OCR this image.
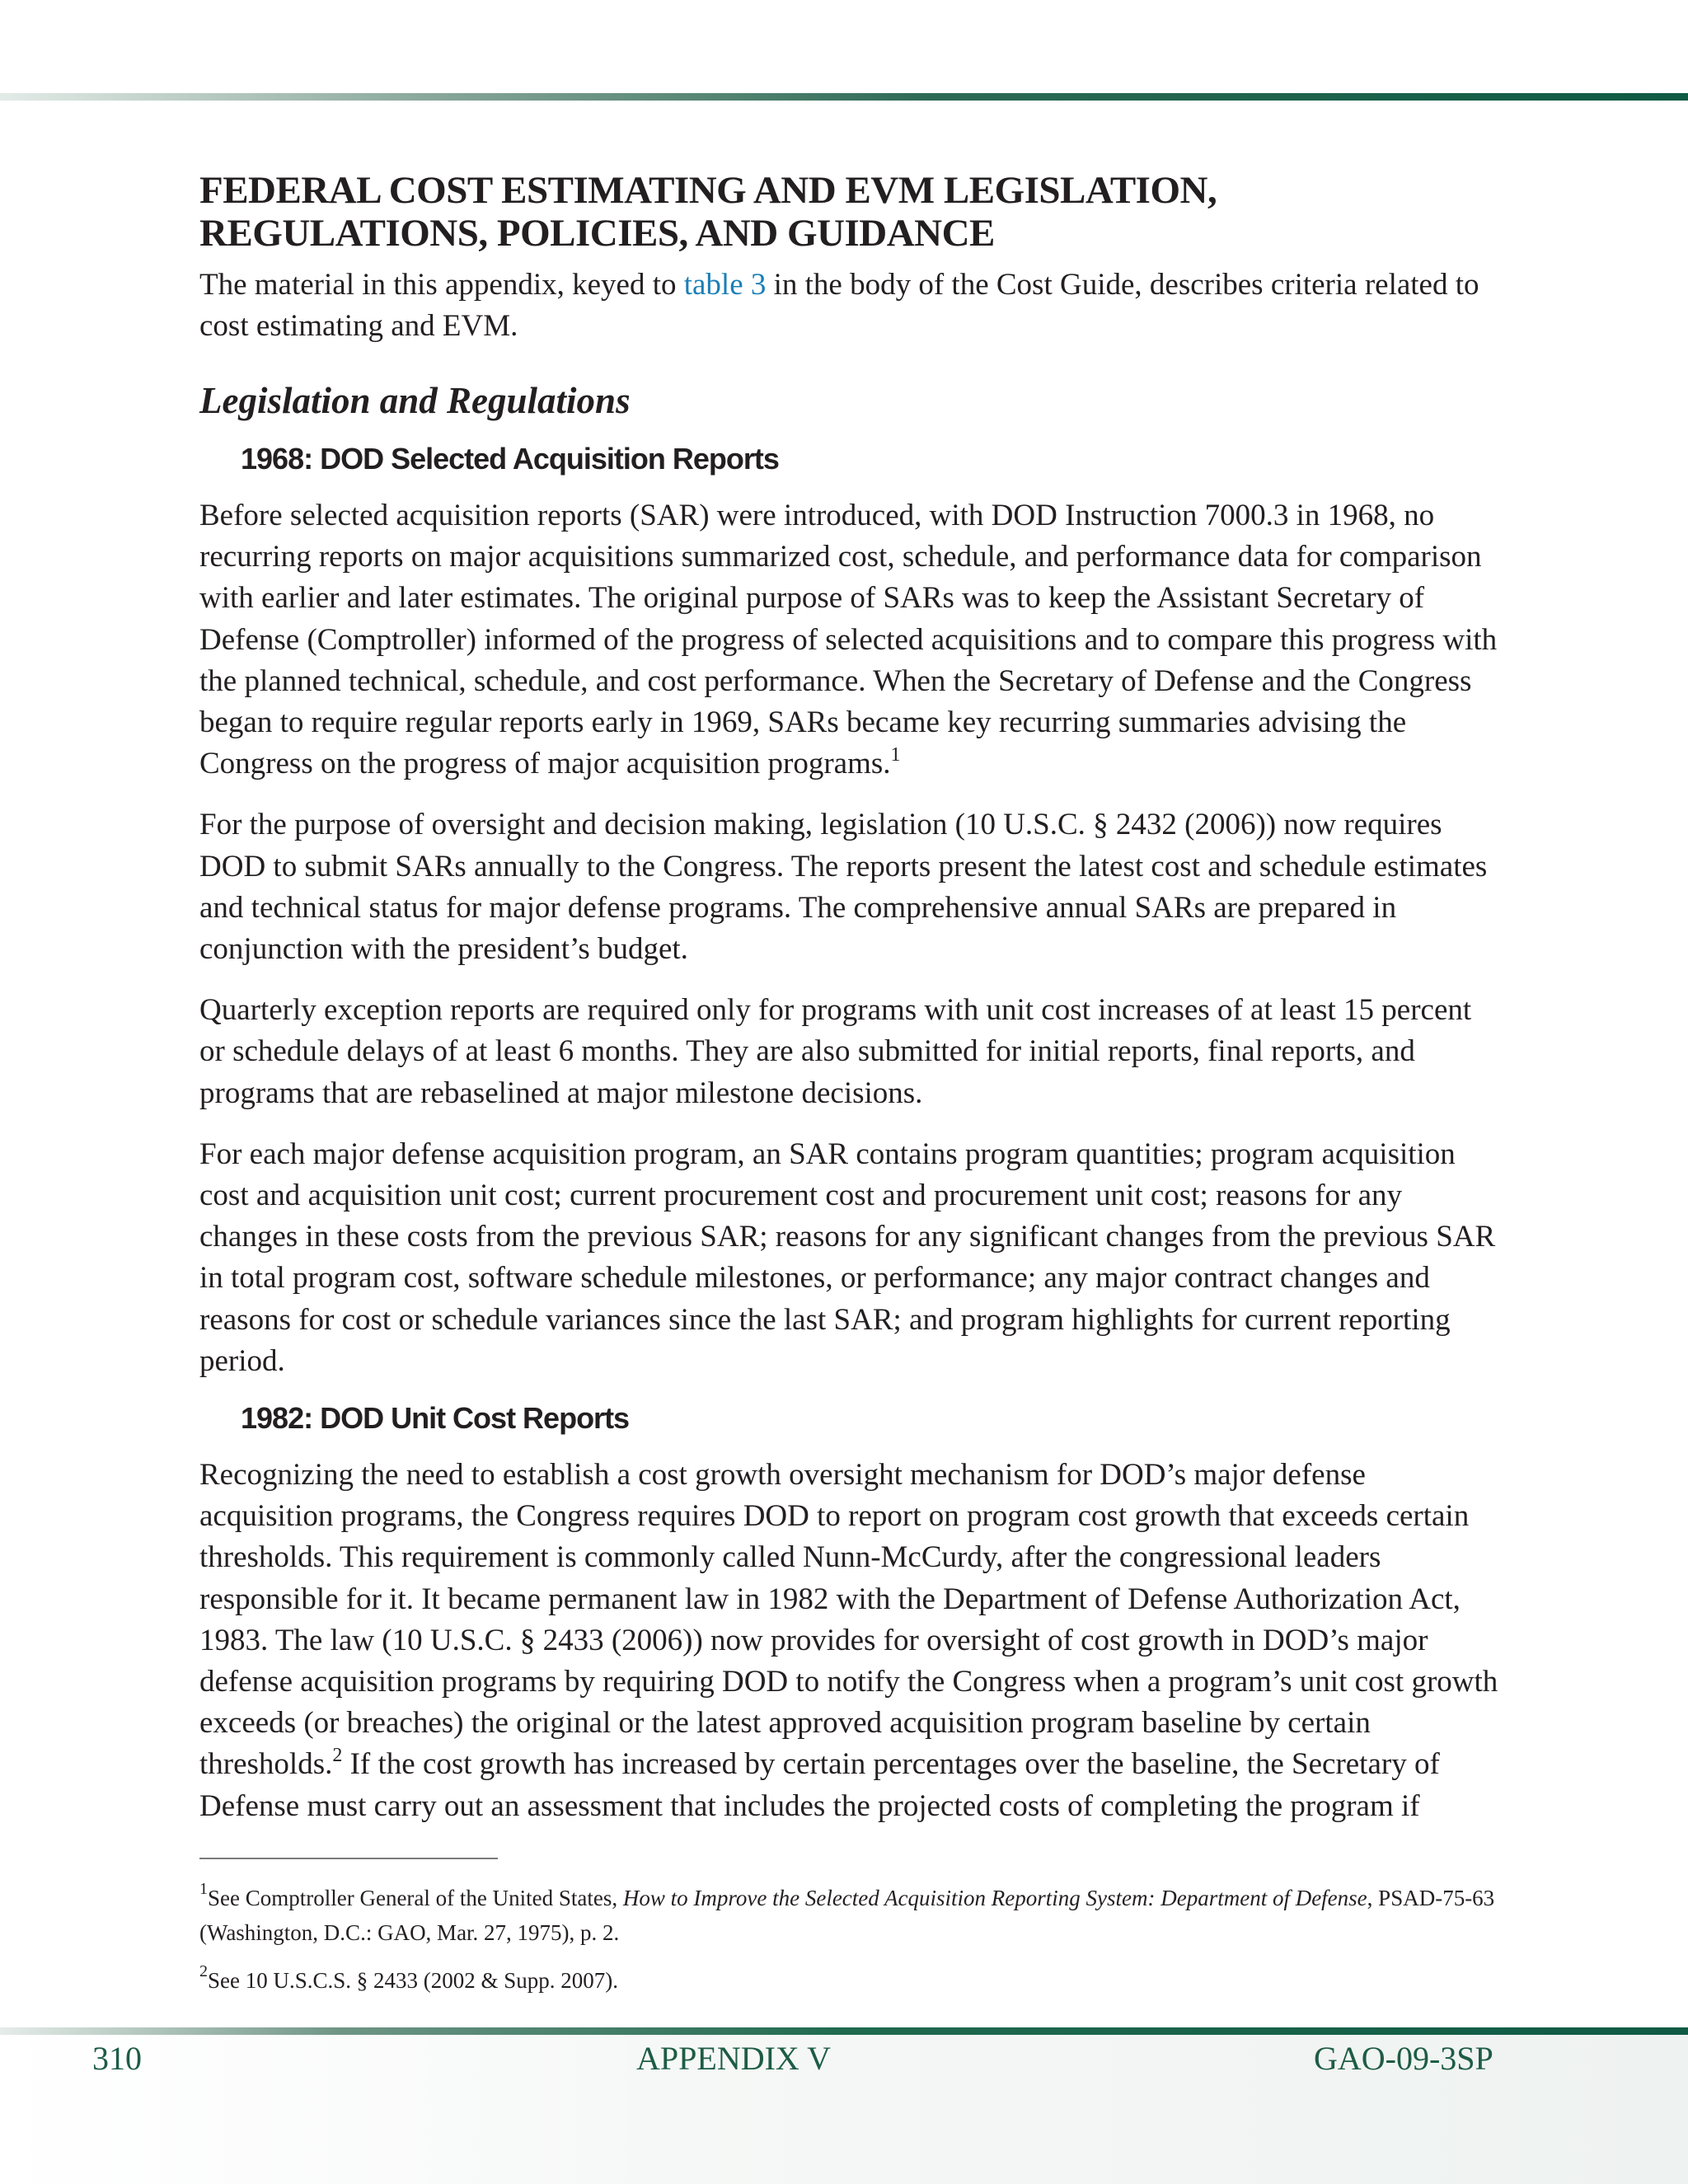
FEDERAL COST ESTIMATING AND EVM LEGISLATION,
REGULATIONS, POLICIES, AND GUIDANCE

The material in this appendix, keyed to table 3 in the body of the Cost Guide, describes criteria related to cost estimating and EVM.

Legislation and Regulations
1968: DOD Selected Acquisition Reports

Before selected acquisition reports (SAR) were introduced, with DOD Instruction 7000.3 in 1968, no recurring reports on major acquisitions summarized cost, schedule, and performance data for comparison with earlier and later estimates. The original purpose of SARs was to keep the Assistant Secretary of Defense (Comptroller) informed of the progress of selected acquisitions and to compare this progress with the planned technical, schedule, and cost performance. When the Secretary of Defense and the Congress began to require regular reports early in 1969, SARs became key recurring summaries advising the Congress on the progress of major acquisition programs.$^1$

For the purpose of oversight and decision making, legislation (10 U.S.C. § 2432 (2006)) now requires DOD to submit SARs annually to the Congress. The reports present the latest cost and schedule estimates and technical status for major defense programs. The comprehensive annual SARs are prepared in conjunction with the president’s budget.

Quarterly exception reports are required only for programs with unit cost increases of at least 15 percent or schedule delays of at least 6 months. They are also submitted for initial reports, final reports, and programs that are rebaselined at major milestone decisions.

For each major defense acquisition program, an SAR contains program quantities; program acquisition cost and acquisition unit cost; current procurement cost and procurement unit cost; reasons for any changes in these costs from the previous SAR; reasons for any significant changes from the previous SAR in total program cost, software schedule milestones, or performance; any major contract changes and reasons for cost or schedule variances since the last SAR; and program highlights for current reporting period.

1982: DOD Unit Cost Reports

Recognizing the need to establish a cost growth oversight mechanism for DOD’s major defense acquisition programs, the Congress requires DOD to report on program cost growth that exceeds certain thresholds. This requirement is commonly called Nunn-McCurdy, after the congressional leaders responsible for it. It became permanent law in 1982 with the Department of Defense Authorization Act, 1983. The law (10 U.S.C. § 2433 (2006)) now provides for oversight of cost growth in DOD’s major defense acquisition programs by requiring DOD to notify the Congress when a program’s unit cost growth exceeds (or breaches) the original or the latest approved acquisition program baseline by certain thresholds.$^2$ If the cost growth has increased by certain percentages over the baseline, the Secretary of Defense must carry out an assessment that includes the projected costs of completing the program if

$^1$See Comptroller General of the United States, How to Improve the Selected Acquisition Reporting System: Department of Defense, PSAD-75-63 (Washington, D.C.: GAO, Mar. 27, 1975), p. 2.

$^2$See 10 U.S.C.S. § 2433 (2002 & Supp. 2007).

310	APPENDIX V	GAO-09-3SP
